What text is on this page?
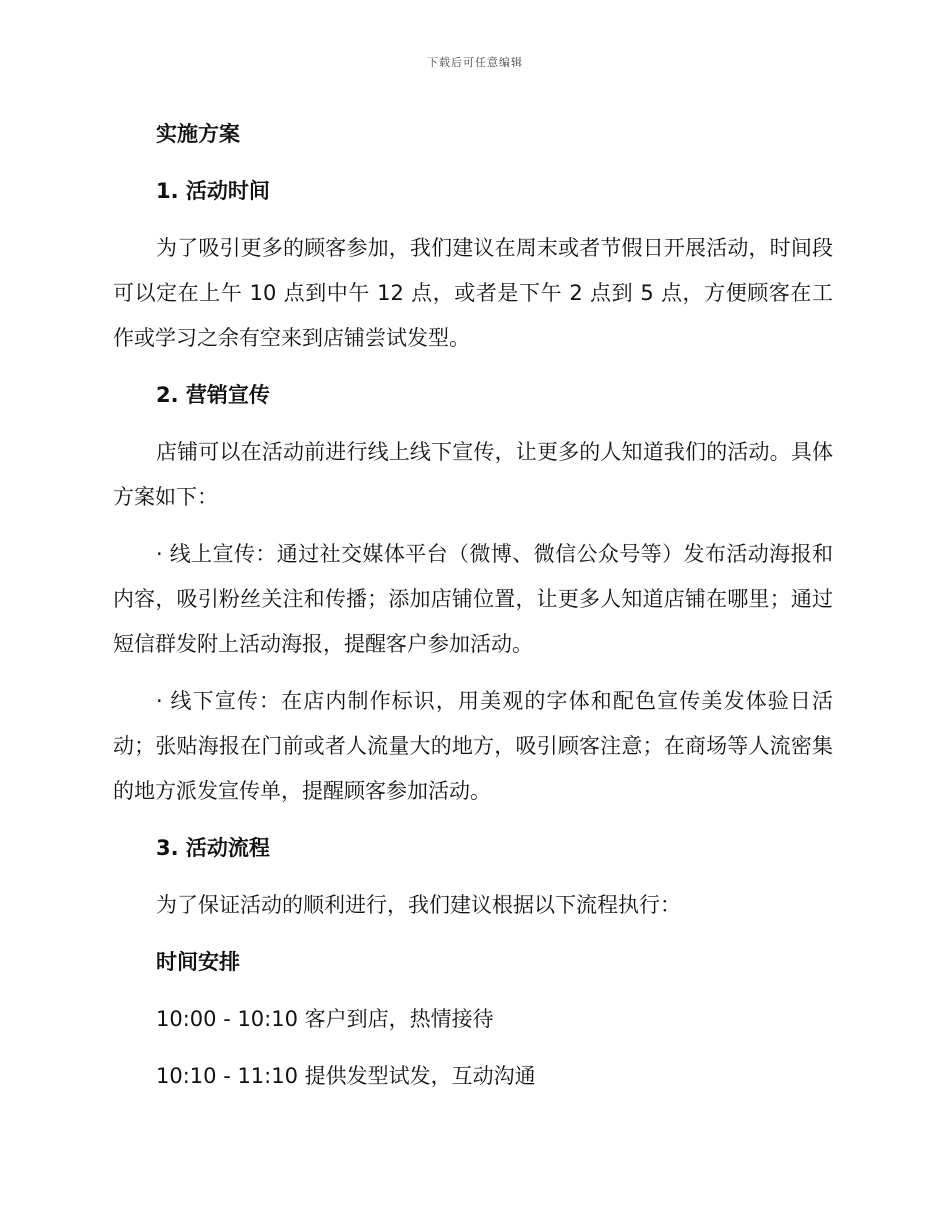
下载后可任意编辑

实施方案

1. 活动时间

为了吸引更多的顾客参加，我们建议在周末或者节假日开展活动，时间段可以定在上午 10 点到中午 12 点，或者是下午 2 点到 5 点，方便顾客在工作或学习之余有空来到店铺尝试发型。

2. 营销宣传

店铺可以在活动前进行线上线下宣传，让更多的人知道我们的活动。具体方案如下：

· 线上宣传：通过社交媒体平台（微博、微信公众号等）发布活动海报和内容，吸引粉丝关注和传播；添加店铺位置，让更多人知道店铺在哪里；通过短信群发附上活动海报，提醒客户参加活动。

· 线下宣传：在店内制作标识，用美观的字体和配色宣传美发体验日活动；张贴海报在门前或者人流量大的地方，吸引顾客注意；在商场等人流密集的地方派发宣传单，提醒顾客参加活动。

3. 活动流程

为了保证活动的顺利进行，我们建议根据以下流程执行：

时间安排

10:00 - 10:10 客户到店，热情接待

10:10 - 11:10 提供发型试发，互动沟通
